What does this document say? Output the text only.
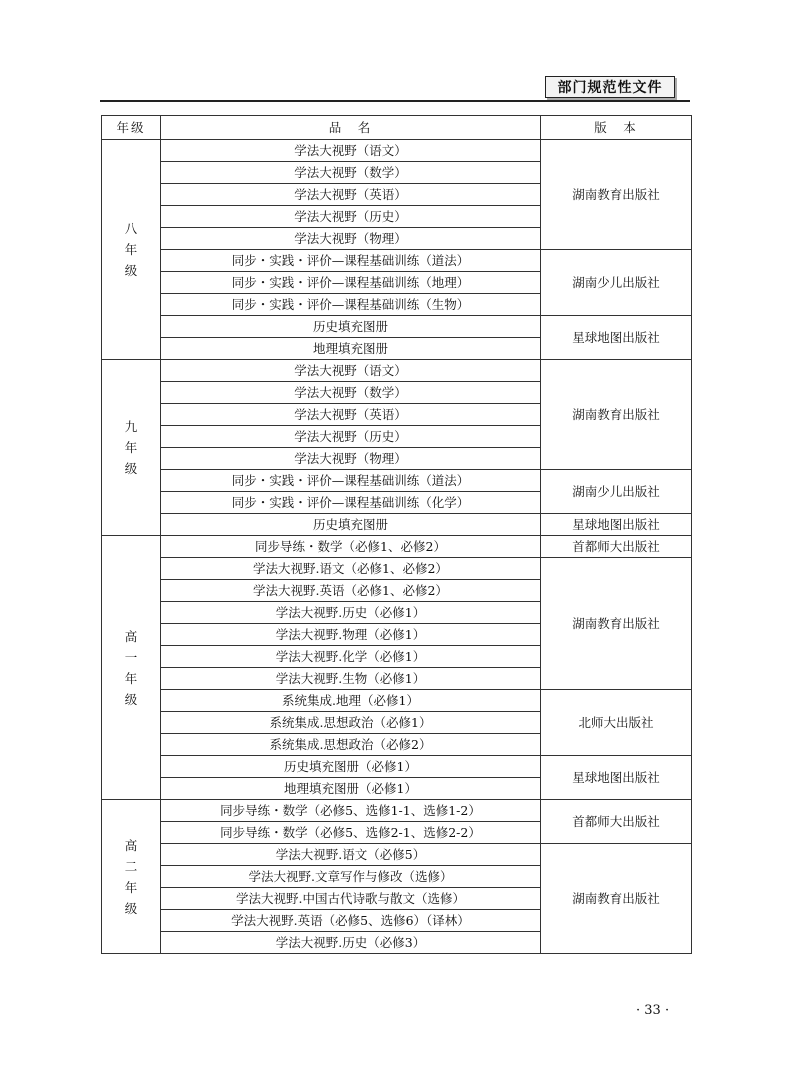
部门规范性文件
年级	品　名	版　本

八
年
级	学法大视野（语文）	湖南教育出版社
	学法大视野（数学）	
	学法大视野（英语）	
	学法大视野（历史）	
	学法大视野（物理）	
	同步・实践・评价—课程基础训练（道法）	湖南少儿出版社
	同步・实践・评价—课程基础训练（地理）	
	同步・实践・评价—课程基础训练（生物）	
	历史填充图册	星球地图出版社
	地理填充图册	

九
年
级	学法大视野（语文）	湖南教育出版社
	学法大视野（数学）	
	学法大视野（英语）	
	学法大视野（历史）	
	学法大视野（物理）	
	同步・实践・评价—课程基础训练（道法）	湖南少儿出版社
	同步・实践・评价—课程基础训练（化学）	
	历史填充图册	星球地图出版社

高
一
年
级	同步导练・数学（必修1、必修2）	首都师大出版社
	学法大视野.语文（必修1、必修2）	湖南教育出版社
	学法大视野.英语（必修1、必修2）	
	学法大视野.历史（必修1）	
	学法大视野.物理（必修1）	
	学法大视野.化学（必修1）	
	学法大视野.生物（必修1）	
	系统集成.地理（必修1）	北师大出版社
	系统集成.思想政治（必修1）	
	系统集成.思想政治（必修2）	
	历史填充图册（必修1）	星球地图出版社
	地理填充图册（必修1）	

高
二
年
级	同步导练・数学（必修5、选修1-1、选修1-2）	首都师大出版社
	同步导练・数学（必修5、选修2-1、选修2-2）	
	学法大视野.语文（必修5）	湖南教育出版社
	学法大视野.文章写作与修改（选修）	
	学法大视野.中国古代诗歌与散文（选修）	
	学法大视野.英语（必修5、选修6）（译林）	
	学法大视野.历史（必修3）	
· 33 ·
